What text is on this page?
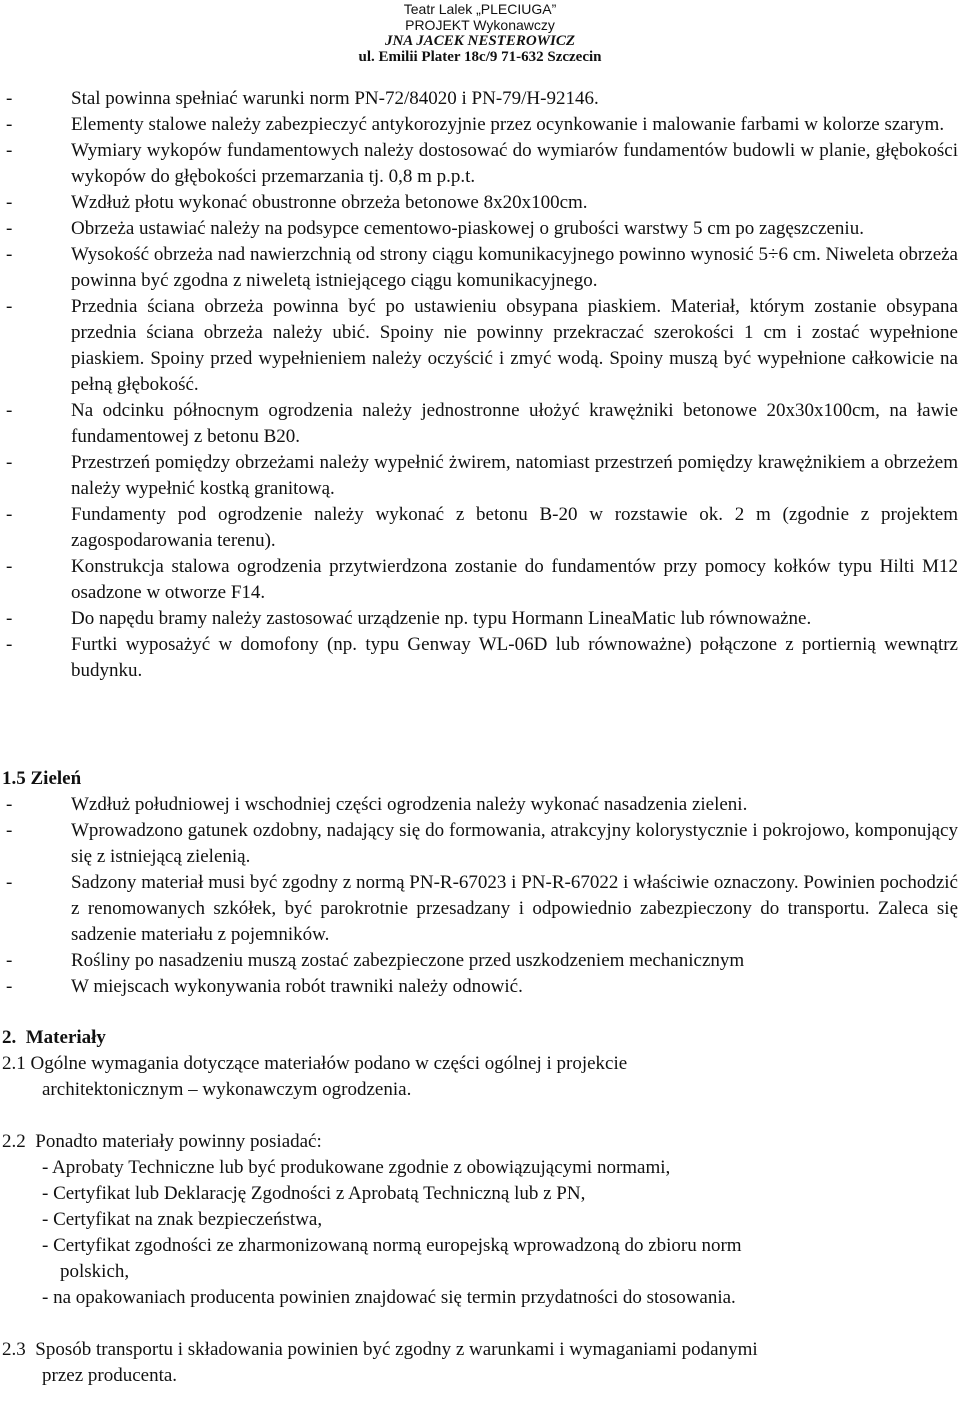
Teatr Lalek „PLECIUGA”
PROJEKT Wykonawczy
JNA JACEK NESTEROWICZ
ul. Emilii Plater 18c/9 71-632 Szczecin
-	Stal powinna spełniać warunki norm PN-72/84020 i PN-79/H-92146.
-	Elementy stalowe należy zabezpieczyć antykorozyjnie przez ocynkowanie i malowanie farbami w kolorze szarym.
-	Wymiary wykopów fundamentowych należy dostosować do wymiarów fundamentów budowli w planie, głębokości wykopów do głębokości przemarzania tj. 0,8 m p.p.t.
-	Wzdłuż płotu wykonać obustronne obrzeża betonowe 8x20x100cm.
-	Obrzeża ustawiać należy na podsypce cementowo-piaskowej o grubości warstwy 5 cm po zagęszczeniu.
-	Wysokość obrzeża nad nawierzchnią od strony ciągu komunikacyjnego powinno wynosić 5÷6 cm. Niweleta obrzeża powinna być zgodna z niweletą istniejącego ciągu komunikacyjnego.
-	Przednia ściana obrzeża powinna być po ustawieniu obsypana piaskiem. Materiał, którym zostanie obsypana przednia ściana obrzeża należy ubić. Spoiny nie powinny przekraczać szerokości 1 cm i zostać wypełnione piaskiem. Spoiny przed wypełnieniem należy oczyścić i zmyć wodą. Spoiny muszą być wypełnione całkowicie na pełną głębokość.
-	Na odcinku północnym ogrodzenia należy jednostronne ułożyć krawężniki betonowe 20x30x100cm, na ławie fundamentowej z betonu B20.
-	Przestrzeń pomiędzy obrzeżami należy wypełnić żwirem, natomiast przestrzeń pomiędzy krawężnikiem a obrzeżem należy wypełnić kostką granitową.
-	Fundamenty pod ogrodzenie należy wykonać z betonu B-20 w rozstawie ok. 2 m (zgodnie z projektem zagospodarowania terenu).
-	Konstrukcja stalowa ogrodzenia przytwierdzona zostanie do fundamentów przy pomocy kołków typu Hilti M12 osadzone w otworze F14.
-	Do napędu bramy należy zastosować urządzenie np. typu Hormann LineaMatic lub równoważne.
-	Furtki wyposażyć w domofony (np. typu Genway WL-06D lub równoważne) połączone z portiernią wewnątrz budynku.
1.5 Zieleń
-	Wzdłuż południowej i wschodniej części ogrodzenia należy wykonać nasadzenia zieleni.
-	Wprowadzono gatunek ozdobny, nadający się do formowania, atrakcyjny kolorystycznie i pokrojowo, komponujący się z istniejącą zielenią.
-	Sadzony materiał musi być zgodny z normą PN-R-67023 i PN-R-67022 i właściwie oznaczony. Powinien pochodzić z renomowanych szkółek, być parokrotnie przesadzany i odpowiednio zabezpieczony do transportu. Zaleca się sadzenie materiału z pojemników.
-	Rośliny po nasadzeniu muszą zostać zabezpieczone przed uszkodzeniem mechanicznym
-	W miejscach wykonywania robót trawniki należy odnowić.
2. Materiały
2.1 Ogólne wymagania dotyczące materiałów podano w części ogólnej i projekcie
architektonicznym – wykonawczym ogrodzenia.
2.2 Ponadto materiały powinny posiadać:
- Aprobaty Techniczne lub być produkowane zgodnie z obowiązującymi normami,
- Certyfikat lub Deklarację Zgodności z Aprobatą Techniczną lub z PN,
- Certyfikat na znak bezpieczeństwa,
- Certyfikat zgodności ze zharmonizowaną normą europejską wprowadzoną do zbioru norm
polskich,
- na opakowaniach producenta powinien znajdować się termin przydatności do stosowania.
2.3 Sposób transportu i składowania powinien być zgodny z warunkami i wymaganiami podanymi
przez producenta.
